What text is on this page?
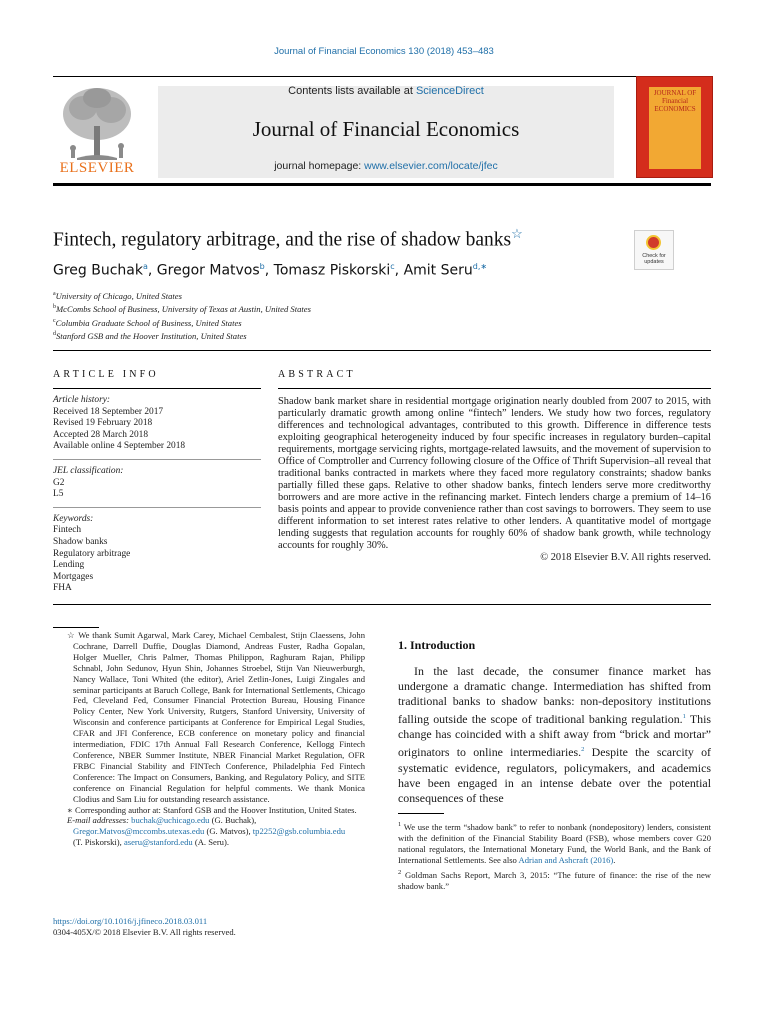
Journal of Financial Economics 130 (2018) 453–483
ELSEVIER
Contents lists available at ScienceDirect
Journal of Financial Economics
journal homepage: www.elsevier.com/locate/jfec
JOURNAL OF Financial ECONOMICS
Fintech, regulatory arbitrage, and the rise of shadow banks☆
Check for updates
Greg Buchak$^a$, Gregor Matvos$^b$, Tomasz Piskorski$^c$, Amit Seru$^{d,∗}$
$^a$University of Chicago, United States
$^b$McCombs School of Business, University of Texas at Austin, United States
$^c$Columbia Graduate School of Business, United States
$^d$Stanford GSB and the Hoover Institution, United States
ARTICLE INFO	ABSTRACT
Article history:
Received 18 September 2017
Revised 19 February 2018
Accepted 28 March 2018
Available online 4 September 2018
JEL classification:
G2
L5
Keywords:
Fintech
Shadow banks
Regulatory arbitrage
Lending
Mortgages
FHA
Shadow bank market share in residential mortgage origination nearly doubled from 2007 to 2015, with particularly dramatic growth among online “fintech” lenders. We study how two forces, regulatory differences and technological advantages, contributed to this growth. Difference in difference tests exploiting geographical heterogeneity induced by four specific increases in regulatory burden–capital requirements, mortgage servicing rights, mortgage-related lawsuits, and the movement of supervision to Office of Comptroller and Currency following closure of the Office of Thrift Supervision–all reveal that traditional banks contracted in markets where they faced more regulatory constraints; shadow banks partially filled these gaps. Relative to other shadow banks, fintech lenders serve more creditworthy borrowers and are more active in the refinancing market. Fintech lenders charge a premium of 14–16 basis points and appear to provide convenience rather than cost savings to borrowers. They seem to use different information to set interest rates relative to other lenders. A quantitative model of mortgage lending suggests that regulation accounts for roughly 60% of shadow bank growth, while technology accounts for roughly 30%.
© 2018 Elsevier B.V. All rights reserved.

☆ We thank Sumit Agarwal, Mark Carey, Michael Cembalest, Stijn Claessens, John Cochrane, Darrell Duffie, Douglas Diamond, Andreas Fuster, Radha Gopalan, Holger Mueller, Chris Palmer, Thomas Philippon, Raghuram Rajan, Philipp Schnabl, John Sedunov, Hyun Shin, Johannes Stroebel, Stijn Van Nieuwerburgh, Nancy Wallace, Toni Whited (the editor), Ariel Zetlin-Jones, Luigi Zingales and seminar participants at Baruch College, Bank for International Settlements, Chicago Fed, Cleveland Fed, Consumer Financial Protection Bureau, Housing Finance Policy Center, New York University, Rutgers, Stanford University, University of Wisconsin and conference participants at Conference for Empirical Legal Studies, CFAR and JFI Conference, ECB conference on monetary policy and financial intermediation, FDIC 17th Annual Fall Research Conference, Kellogg Fintech Conference, NBER Summer Institute, NBER Financial Market Regulation, OFR FRBC Financial Stability and FINTech Conference, Philadelphia Fed Fintech Conference: The Impact on Consumers, Banking, and Regulatory Policy, and SITE conference on Financial Regulation for helpful comments. We thank Monica Clodius and Sam Liu for outstanding research assistance.

∗ Corresponding author at: Stanford GSB and the Hoover Institution, United States.

E-mail addresses: buchak@uchicago.edu (G. Buchak),
Gregor.Matvos@mccombs.utexas.edu (G. Matvos), tp2252@gsb.columbia.edu
(T. Piskorski), aseru@stanford.edu (A. Seru).

https://doi.org/10.1016/j.jfineco.2018.03.011
0304-405X/© 2018 Elsevier B.V. All rights reserved.
1. Introduction
In the last decade, the consumer finance market has undergone a dramatic change. Intermediation has shifted from traditional banks to shadow banks: non-depository institutions falling outside the scope of traditional banking regulation.$^1$ This change has coincided with a shift away from “brick and mortar” originators to online intermediaries.$^2$ Despite the scarcity of systematic evidence, regulators, policymakers, and academics have been engaged in an intense debate over the potential consequences of these

$^1$ We use the term “shadow bank” to refer to nonbank (nondepository) lenders, consistent with the definition of the Financial Stability Board (FSB), whose members cover G20 national regulators, the International Monetary Fund, the World Bank, and the Bank of International Settlements. See also Adrian and Ashcraft (2016).

$^2$ Goldman Sachs Report, March 3, 2015: “The future of finance: the rise of the new shadow bank.”
